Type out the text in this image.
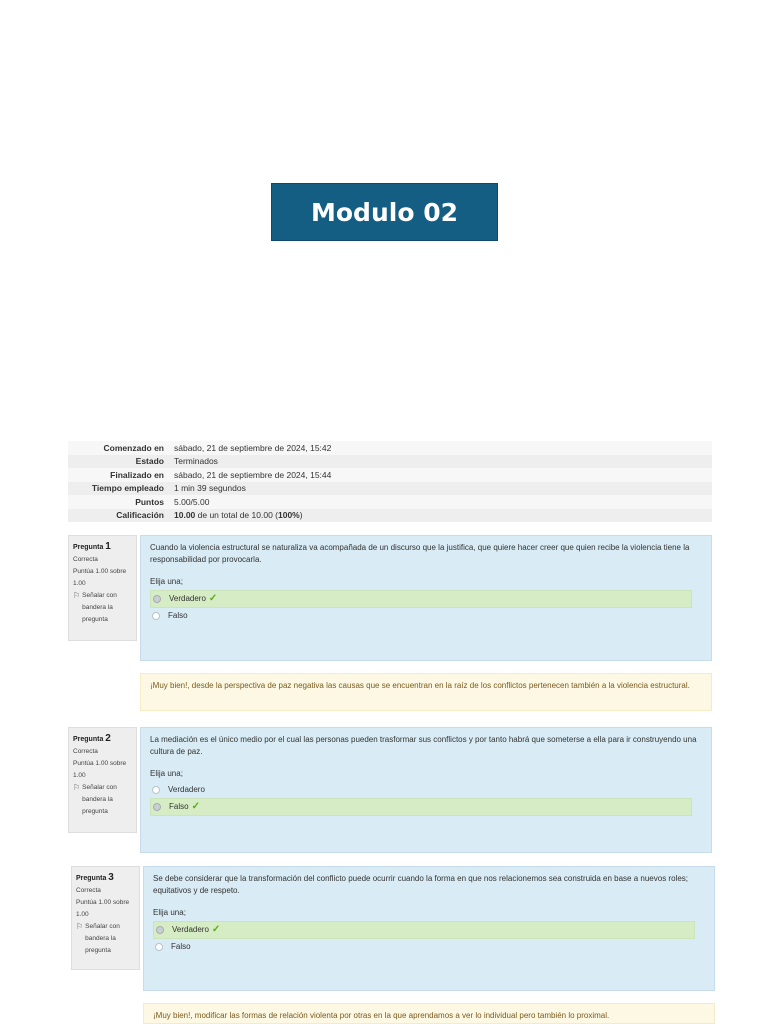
Modulo 02
Comenzado en	sábado, 21 de septiembre de 2024, 15:42
Estado	Terminados
Finalizado en	sábado, 21 de septiembre de 2024, 15:44
Tiempo empleado	1 min 39 segundos
Puntos	5.00/5.00
Calificación	10.00 de un total de 10.00 (100%)
Pregunta 1
Correcta
Puntúa 1.00 sobre 1.00
⚐ Señalar con bandera la pregunta

Cuando la violencia estructural se naturaliza va acompañada de un discurso que la justifica, que quiere hacer creer que quien recibe la violencia tiene la responsabilidad por provocarla.

Elija una;
Verdadero ✓
Falso
¡Muy bien!, desde la perspectiva de paz negativa las causas que se encuentran en la raíz de los conflictos pertenecen también a la violencia estructural.
Pregunta 2
Correcta
Puntúa 1.00 sobre 1.00
⚐ Señalar con bandera la pregunta

La mediación es el único medio por el cual las personas pueden trasformar sus conflictos y por tanto habrá que someterse a ella para ir construyendo una cultura de paz.

Elija una;
Verdadero
Falso ✓
Pregunta 3
Correcta
Puntúa 1.00 sobre 1.00
⚐ Señalar con bandera la pregunta

Se debe considerar que la transformación del conflicto puede ocurrir cuando la forma en que nos relacionemos sea construida en base a nuevos roles; equitativos y de respeto.

Elija una;
Verdadero ✓
Falso
¡Muy bien!, modificar las formas de relación violenta por otras en la que aprendamos a ver lo individual pero también lo proximal.
